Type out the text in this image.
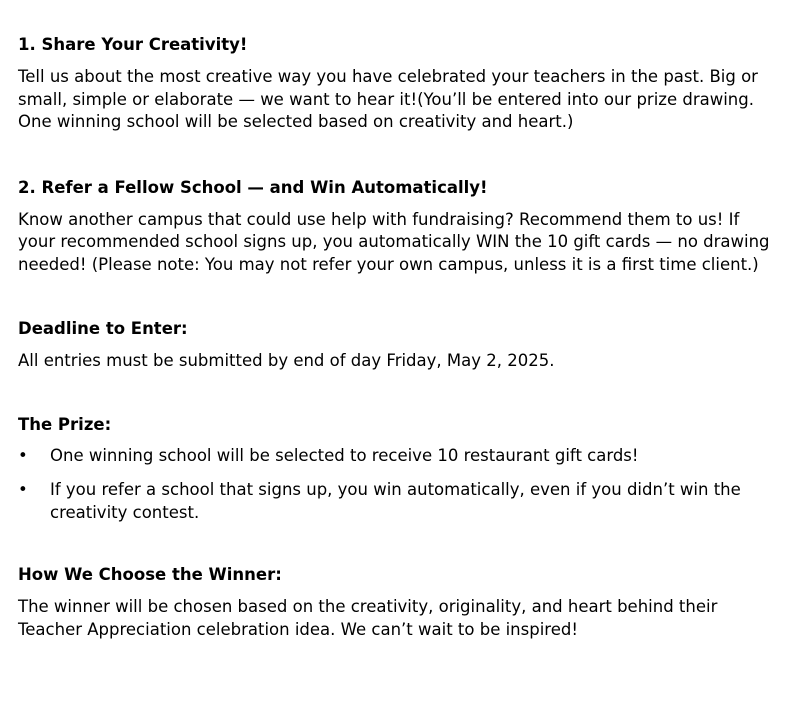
1. Share Your Creativity!

Tell us about the most creative way you have celebrated your teachers in the past. Big or small, simple or elaborate — we want to hear it!(You’ll be entered into our prize drawing. One winning school will be selected based on creativity and heart.)

2. Refer a Fellow School — and Win Automatically!

Know another campus that could use help with fundraising? Recommend them to us! If your recommended school signs up, you automatically WIN the 10 gift cards — no drawing needed! (Please note: You may not refer your own campus, unless it is a first time client.)

Deadline to Enter:

All entries must be submitted by end of day Friday, May 2, 2025.

The Prize:

• One winning school will be selected to receive 10 restaurant gift cards!
• If you refer a school that signs up, you win automatically, even if you didn’t win the creativity contest.

How We Choose the Winner:

The winner will be chosen based on the creativity, originality, and heart behind their Teacher Appreciation celebration idea. We can’t wait to be inspired!
